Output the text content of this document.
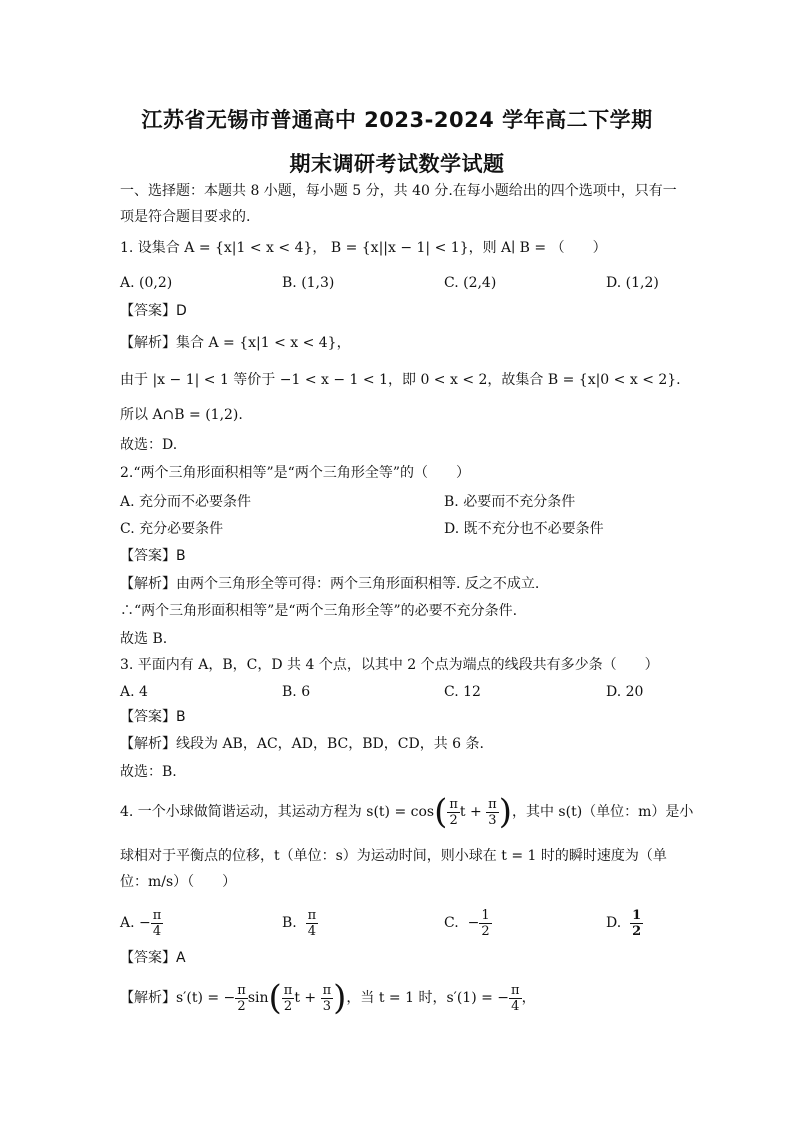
江苏省无锡市普通高中 2023-2024 学年高二下学期
期末调研考试数学试题
一、选择题：本题共 8 小题，每小题 5 分，共 40 分.在每小题给出的四个选项中，只有一
项是符合题目要求的.
1. 设集合 A = {x|1 < x < 4}， B = {x||x − 1| < 1}，则 A∣ B = （　　）
A. (0,2)	B. (1,3)	C. (2,4)	D. (1,2)
【答案】D
【解析】集合 A = {x|1 < x < 4}，
由于 |x − 1| < 1 等价于 −1 < x − 1 < 1，即 0 < x < 2，故集合 B = {x|0 < x < 2}.
所以 A∩B = (1,2).
故选：D.
2.“两个三角形面积相等”是“两个三角形全等”的（　　）
A. 充分而不必要条件	B. 必要而不充分条件
C. 充分必要条件	D. 既不充分也不必要条件
【答案】B
【解析】由两个三角形全等可得：两个三角形面积相等. 反之不成立.
∴“两个三角形面积相等”是“两个三角形全等”的必要不充分条件.
故选 B.
3. 平面内有 A，B，C，D 共 4 个点，以其中 2 个点为端点的线段共有多少条（　　）
A. 4	B. 6	C. 12	D. 20
【答案】B
【解析】线段为 AB，AC，AD，BC，BD，CD，共 6 条.
故选：B.
4. 一个小球做简谐运动，其运动方程为 $s(t) = \cos( \frac{\pi}{2}$ $t + \frac{\pi}{3}$ )，其中 s(t)（单位：m）是小
球相对于平衡点的位移，t（单位：s）为运动时间，则小球在 t = 1 时的瞬时速度为（单
位：m/s）（　　）
A. − $\frac{\pi}{4}$	B. $\frac{\pi}{4}$	C. − $\frac{1}{2}$	D. $\frac{1}{2}$
【答案】A
【解析】s′(t) = − $\frac{\pi}{2} \sin( \frac{\pi}{2}$ $t + \frac{\pi}{3}$ )，当 t = 1 时，s′(1) = − $\frac{\pi}{4}$ ，
